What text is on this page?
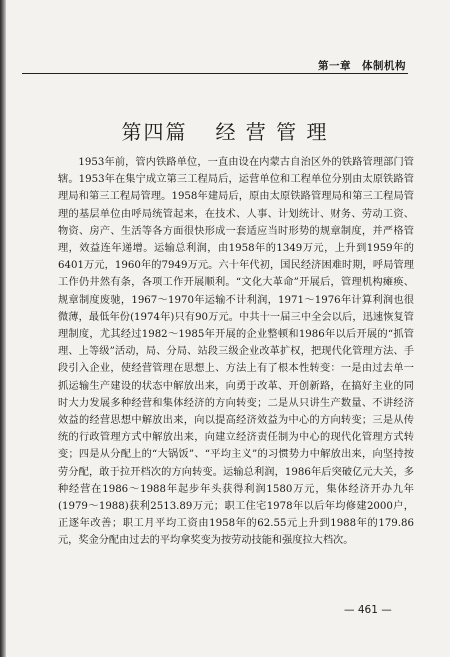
第一章　体制机构
第四篇 经 营 管 理

1953年前，管内铁路单位，一直由设在内蒙古自治区外的铁路管理部门管辖。1953年在集宁成立第三工程局后，运营单位和工程单位分别由太原铁路管理局和第三工程局管理。1958年建局后，原由太原铁路管理局和第三工程局管理的基层单位由呼局统管起来，在技术、人事、计划统计、财务、劳动工资、物资、房产、生活等各方面很快形成一套适应当时形势的规章制度，并严格管理，效益连年递增。运输总利润，由1958年的1349万元，上升到1959年的6401万元，1960年的7949万元。六十年代初，国民经济困难时期，呼局管理工作仍井然有条，各项工作开展顺利。“文化大革命”开展后，管理机构瘫痪、规章制度废驰，1967～1970年运输不计利润，1971～1976年计算利润也很微薄，最低年份(1974年)只有90万元。中共十一届三中全会以后，迅速恢复管理制度，尤其经过1982～1985年开展的企业整顿和1986年以后开展的“抓管理、上等级”活动，局、分局、站段三级企业改革扩权，把现代化管理方法、手段引入企业，使经营管理在思想上、方法上有了根本性转变：一是由过去单一抓运输生产建设的状态中解放出来，向勇于改革、开创新路，在搞好主业的同时大力发展多种经营和集体经济的方向转变；二是从只讲生产数量、不讲经济效益的经营思想中解放出来，向以提高经济效益为中心的方向转变；三是从传统的行政管理方式中解放出来，向建立经济责任制为中心的现代化管理方式转变；四是从分配上的“大锅饭”、“平均主义”的习惯势力中解放出来，向坚持按劳分配，敢于拉开档次的方向转变。运输总利润，1986年后突破亿元大关，多种经营在1986～1988年起步年头获得利润1580万元，集体经济开办九年(1979～1988)获利2513.89万元；职工住宅1978年以后年均修建2000户，正逐年改善；职工月平均工资由1958年的62.55元上升到1988年的179.86元，奖金分配由过去的平均拿奖变为按劳动技能和强度拉大档次。

— 461 —
